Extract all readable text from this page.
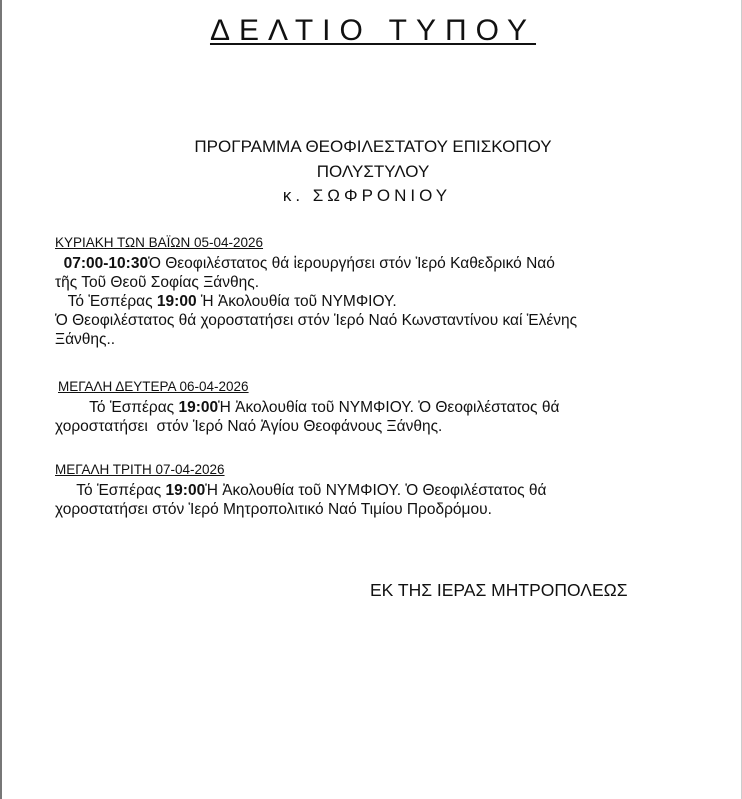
ΔΕΛΤΙΟ ΤΥΠΟΥ
ΠΡΟΓΡΑΜΜΑ ΘΕΟΦΙΛΕΣΤΑΤΟΥ ΕΠΙΣΚΟΠΟΥ
ΠΟΛΥΣΤΥΛΟΥ
κ. ΣΩΦΡΟΝΙΟΥ
ΚΥΡΙΑΚΗ ΤΩΝ ΒΑΪΩΝ 05-04-2026
07:00-10:30Ὁ Θεοφιλέστατος θά ἱερουργήσει στόν Ἱερό Καθεδρικό Ναό
τῆς Τοῦ Θεοῦ Σοφίας Ξάνθης.
Τό Ἑσπέρας 19:00 Ἡ Ἀκολουθία τοῦ ΝΥΜΦΙΟΥ.
Ὁ Θεοφιλέστατος θά χοροστατήσει στόν Ἱερό Ναό Κωνσταντίνου καί Ἑλένης
Ξάνθης..
ΜΕΓΑΛΗ ΔΕΥΤΕΡΑ 06-04-2026
Τό Ἑσπέρας 19:00Ἡ Ἀκολουθία τοῦ ΝΥΜΦΙΟΥ. Ὁ Θεοφιλέστατος θά
χοροστατήσει  στόν Ἱερό Ναό Ἁγίου Θεοφάνους Ξάνθης.
ΜΕΓΑΛΗ ΤΡΙΤΗ 07-04-2026
Τό Ἑσπέρας 19:00Ἡ Ἀκολουθία τοῦ ΝΥΜΦΙΟΥ. Ὁ Θεοφιλέστατος θά
χοροστατήσει στόν Ἱερό Μητροπολιτικό Ναό Τιμίου Προδρόμου.
ΕΚ ΤΗΣ ΙΕΡΑΣ ΜΗΤΡΟΠΟΛΕΩΣ
